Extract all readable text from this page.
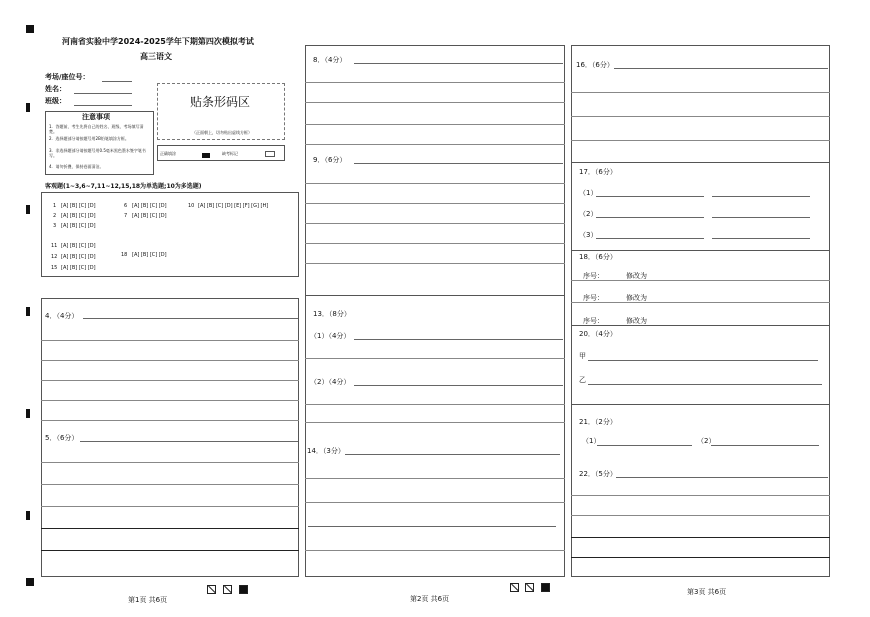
河南省实验中学2024-2025学年下期第四次模拟考试
高三语文
考场/座位号：
姓名：
班级：	贴条形码区
（正面朝上，切勿贴出虚线方框）
注意事项
1．答题前，考生先将自己的姓名、班级、考场填写清楚。
2．选择题部分请按题号用2B铅笔填涂方框。
3．非选择题部分请按题号用0.5毫米黑色墨水签字笔书写。
4．请勿折叠，保持卷面清洁。
正确填涂	缺考标记
客观题(1~3,6~7,11~12,15,18为单选题;10为多选题)
1 [A] [B] [C] [D]
2 [A] [B] [C] [D]
3 [A] [B] [C] [D]
6 [A] [B] [C] [D]
7 [A] [B] [C] [D]
10 [A] [B] [C] [D] [E] [F] [G] [H]
11 [A] [B] [C] [D]
12 [A] [B] [C] [D]
15 [A] [B] [C] [D]
18 [A] [B] [C] [D]
4．（4分）
5．（6分）
第1页 共6页
8．（4分）
9．（6分）
13．（8分）
（1）（4分）
（2）（4分）
14．（3分）
第2页 共6页
16．（6分）
17．（6分）
（1）
（2）
（3）
18．（6分）
序号：	修改为
序号：	修改为
序号：	修改为
20．（4分）
甲
乙
21．（2分）
（1）	（2）
22．（5分）
第3页 共6页
